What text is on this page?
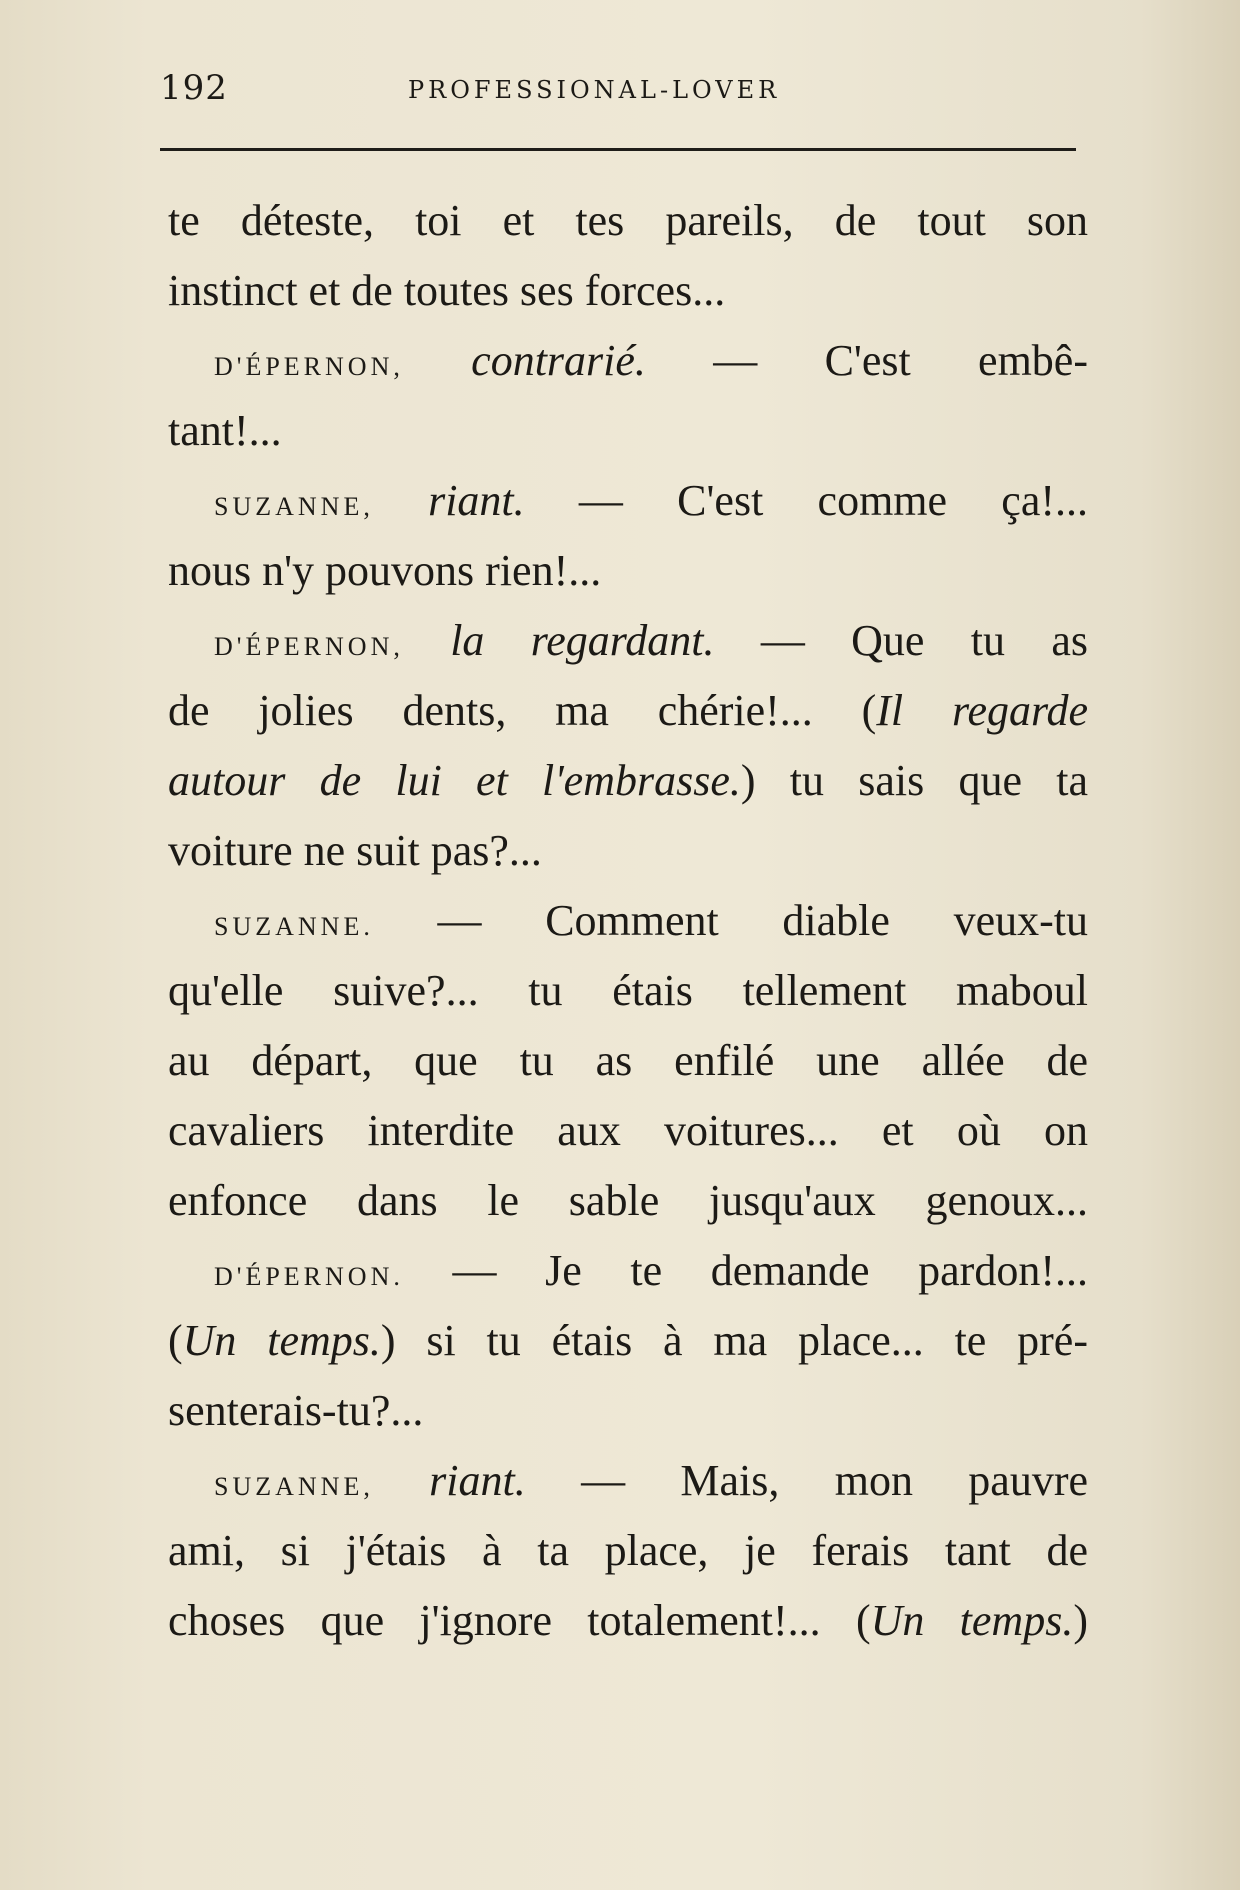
192	PROFESSIONAL-LOVER
te déteste, toi et tes pareils, de tout son
instinct et de toutes ses forces...
D'ÉPERNON, contrarié. — C'est embê-
tant!...
SUZANNE, riant. — C'est comme ça!...
nous n'y pouvons rien!...
D'ÉPERNON, la regardant. — Que tu as
de jolies dents, ma chérie!... (Il regarde
autour de lui et l'embrasse.) tu sais que ta
voiture ne suit pas?...
SUZANNE. — Comment diable veux-tu
qu'elle suive?... tu étais tellement maboul
au départ, que tu as enfilé une allée de
cavaliers interdite aux voitures... et où on
enfonce dans le sable jusqu'aux genoux...
D'ÉPERNON. — Je te demande pardon!...
(Un temps.) si tu étais à ma place... te pré-
senterais-tu?...
SUZANNE, riant. — Mais, mon pauvre
ami, si j'étais à ta place, je ferais tant de
choses que j'ignore totalement!... (Un temps.)
